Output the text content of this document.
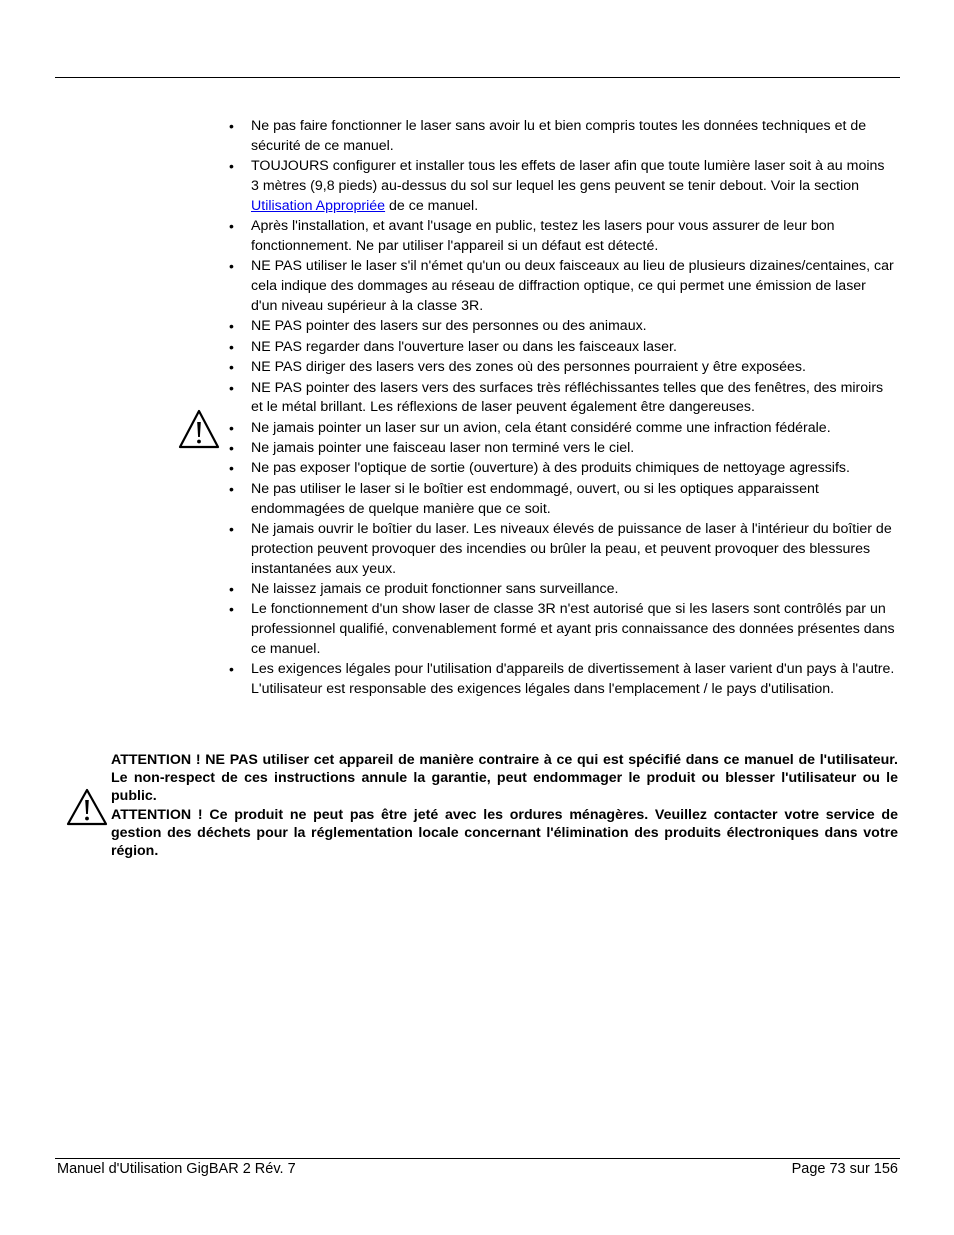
• Ne pas faire fonctionner le laser sans avoir lu et bien compris toutes les données techniques et de sécurité de ce manuel.
• TOUJOURS configurer et installer tous les effets de laser afin que toute lumière laser soit à au moins 3 mètres (9,8 pieds) au-dessus du sol sur lequel les gens peuvent se tenir debout. Voir la section Utilisation Appropriée de ce manuel.
• Après l'installation, et avant l'usage en public, testez les lasers pour vous assurer de leur bon fonctionnement. Ne par utiliser l'appareil si un défaut est détecté.
• NE PAS utiliser le laser s'il n'émet qu'un ou deux faisceaux au lieu de plusieurs dizaines/centaines, car cela indique des dommages au réseau de diffraction optique, ce qui permet une émission de laser d'un niveau supérieur à la classe 3R.
• NE PAS pointer des lasers sur des personnes ou des animaux.
• NE PAS regarder dans l'ouverture laser ou dans les faisceaux laser.
• NE PAS diriger des lasers vers des zones où des personnes pourraient y être exposées.
• NE PAS pointer des lasers vers des surfaces très réfléchissantes telles que des fenêtres, des miroirs et le métal brillant. Les réflexions de laser peuvent également être dangereuses.
• Ne jamais pointer un laser sur un avion, cela étant considéré comme une infraction fédérale.
• Ne jamais pointer une faisceau laser non terminé vers le ciel.
• Ne pas exposer l'optique de sortie (ouverture) à des produits chimiques de nettoyage agressifs.
• Ne pas utiliser le laser si le boîtier est endommagé, ouvert, ou si les optiques apparaissent endommagées de quelque manière que ce soit.
• Ne jamais ouvrir le boîtier du laser. Les niveaux élevés de puissance de laser à l'intérieur du boîtier de protection peuvent provoquer des incendies ou brûler la peau, et peuvent provoquer des blessures instantanées aux yeux.
• Ne laissez jamais ce produit fonctionner sans surveillance.
• Le fonctionnement d'un show laser de classe 3R n'est autorisé que si les lasers sont contrôlés par un professionnel qualifié, convenablement formé et ayant pris connaissance des données présentes dans ce manuel.
• Les exigences légales pour l'utilisation d'appareils de divertissement à laser varient d'un pays à l'autre. L'utilisateur est responsable des exigences légales dans l'emplacement / le pays d'utilisation.

ATTENTION ! NE PAS utiliser cet appareil de manière contraire à ce qui est spécifié dans ce manuel de l'utilisateur. Le non-respect de ces instructions annule la garantie, peut endommager le produit ou blesser l'utilisateur ou le public.

ATTENTION ! Ce produit ne peut pas être jeté avec les ordures ménagères. Veuillez contacter votre service de gestion des déchets pour la réglementation locale concernant l'élimination des produits électroniques dans votre région.

Manuel d'Utilisation GigBAR 2 Rév. 7	Page 73 sur 156
